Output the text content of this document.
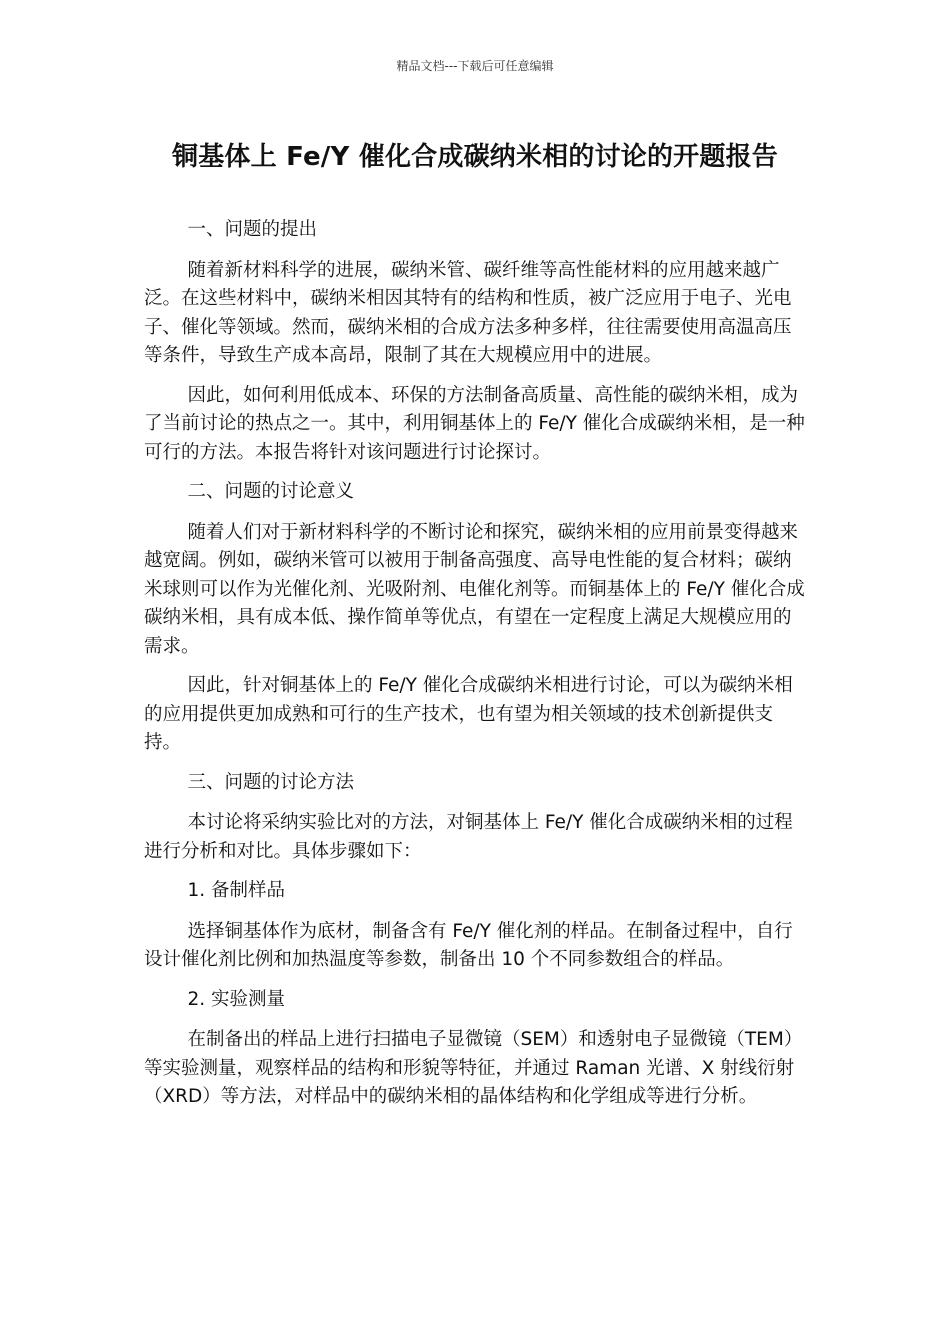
精品文档---下载后可任意编辑
铜基体上 Fe/Y 催化合成碳纳米相的讨论的开题报告

一、问题的提出

随着新材料科学的进展，碳纳米管、碳纤维等高性能材料的应用越来越广泛。在这些材料中，碳纳米相因其特有的结构和性质，被广泛应用于电子、光电子、催化等领域。然而，碳纳米相的合成方法多种多样，往往需要使用高温高压等条件，导致生产成本高昂，限制了其在大规模应用中的进展。

因此，如何利用低成本、环保的方法制备高质量、高性能的碳纳米相，成为了当前讨论的热点之一。其中，利用铜基体上的 Fe/Y 催化合成碳纳米相，是一种可行的方法。本报告将针对该问题进行讨论探讨。

二、问题的讨论意义

随着人们对于新材料科学的不断讨论和探究，碳纳米相的应用前景变得越来越宽阔。例如，碳纳米管可以被用于制备高强度、高导电性能的复合材料；碳纳米球则可以作为光催化剂、光吸附剂、电催化剂等。而铜基体上的 Fe/Y 催化合成碳纳米相，具有成本低、操作简单等优点，有望在一定程度上满足大规模应用的需求。

因此，针对铜基体上的 Fe/Y 催化合成碳纳米相进行讨论，可以为碳纳米相的应用提供更加成熟和可行的生产技术，也有望为相关领域的技术创新提供支持。

三、问题的讨论方法

本讨论将采纳实验比对的方法，对铜基体上 Fe/Y 催化合成碳纳米相的过程进行分析和对比。具体步骤如下：

1. 备制样品

选择铜基体作为底材，制备含有 Fe/Y 催化剂的样品。在制备过程中，自行设计催化剂比例和加热温度等参数，制备出 10 个不同参数组合的样品。

2. 实验测量

在制备出的样品上进行扫描电子显微镜（SEM）和透射电子显微镜（TEM）等实验测量，观察样品的结构和形貌等特征，并通过 Raman 光谱、X 射线衍射（XRD）等方法，对样品中的碳纳米相的晶体结构和化学组成等进行分析。
